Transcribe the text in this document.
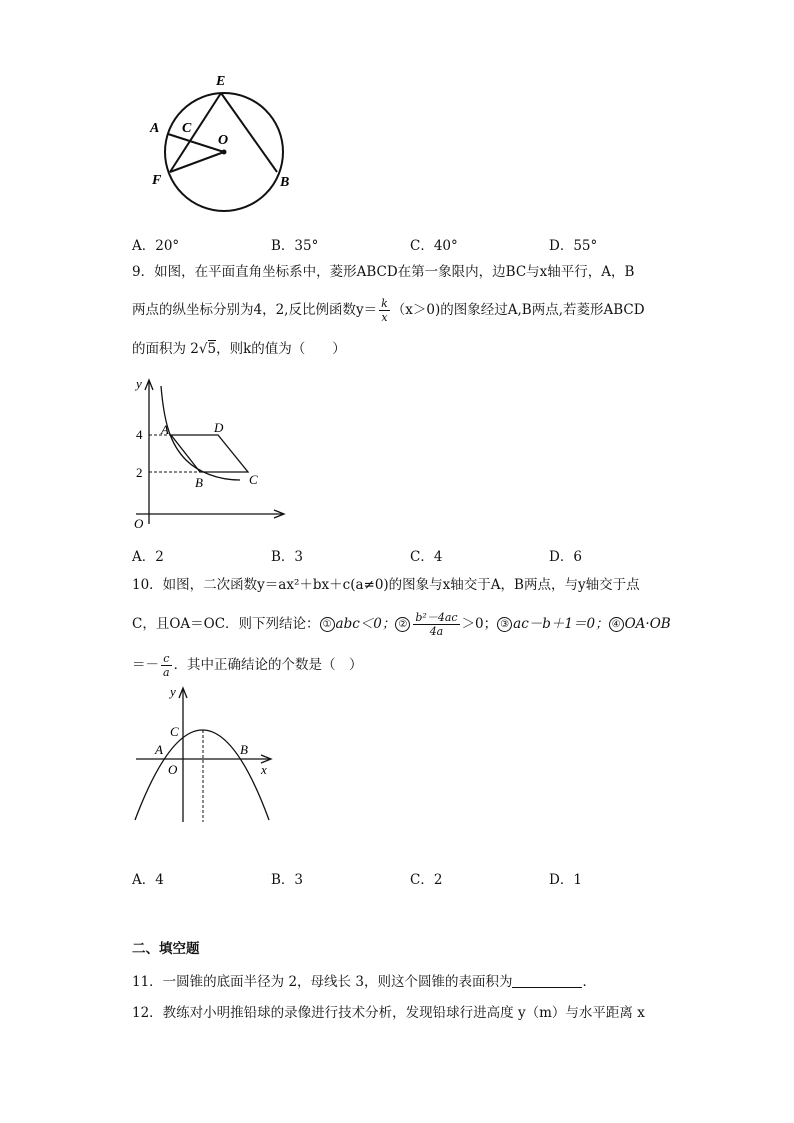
E
A C
O
F	B
A．20°	B．35°	C．40°	D．55°
9．如图，在平面直角坐标系中，菱形ABCD在第一象限内，边BC与x轴平行，A，B
两点的纵坐标分别为4，2,反比例函数$y= \frac{k}{x} (x>0)$的图象经过A,B两点,若菱形ABCD
的面积为 2√5，则k的值为（　　）
y
4
2
O
A	D
B	C
A．2	B．3	C．4	D．6
10．如图，二次函数y＝ax²＋bx＋c(a≠0)的图象与x轴交于A，B两点，与y轴交于点
C，且OA＝OC．则下列结论： ① abc＜0； ② $\frac{\text{b²－4ac}}{4a} >0$； ③ ac－b＋1＝0； ④ OA·OB
＝－ $\frac{c}{a}$ ．其中正确结论的个数是（　）
y
C
A
O
B
x
A．4	B．3	C．2	D．1
二、填空题
11．一圆锥的底面半径为 2，母线长 3，则这个圆锥的表面积为	．
12．教练对小明推铅球的录像进行技术分析，发现铅球行进高度 y（m）与水平距离 x
